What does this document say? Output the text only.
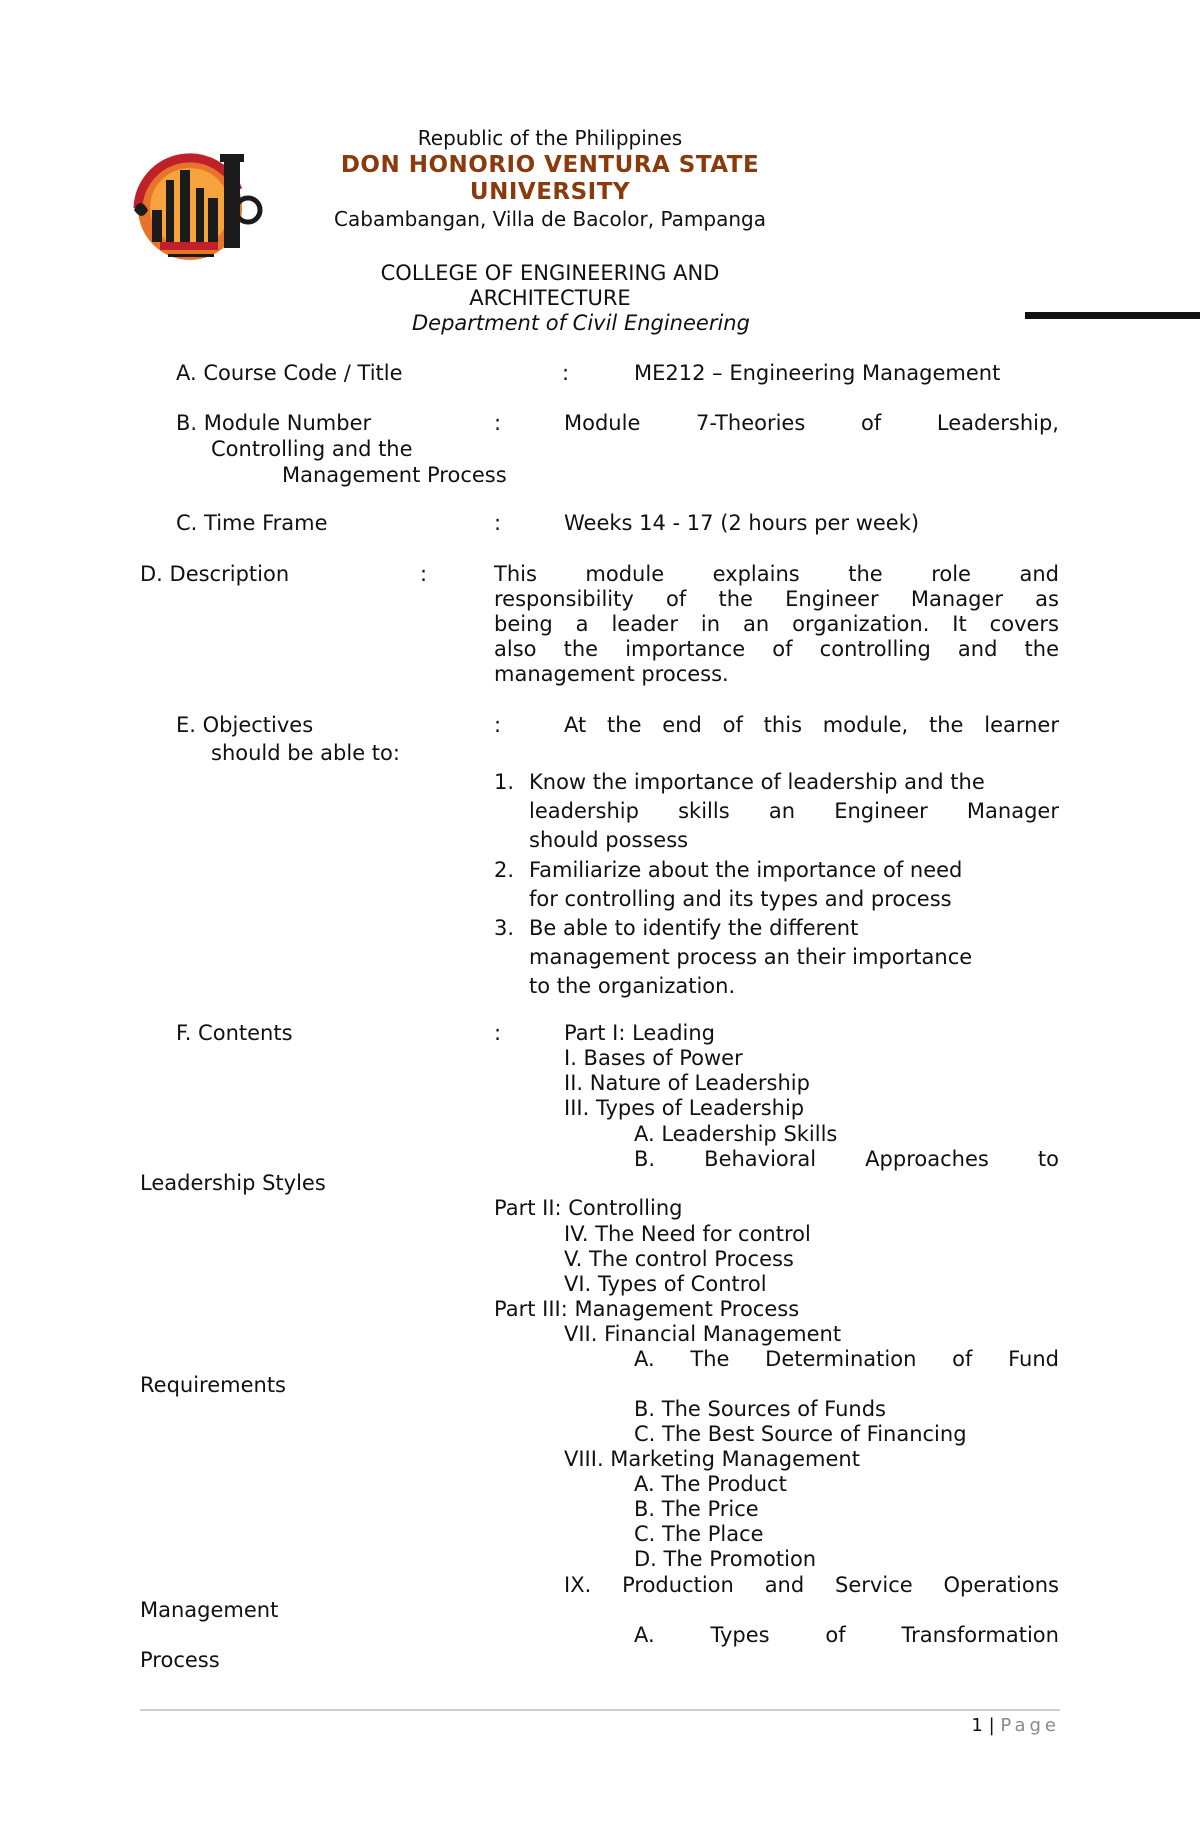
Republic of the Philippines
DON HONORIO VENTURA STATE
UNIVERSITY
Cabambangan, Villa de Bacolor, Pampanga
COLLEGE OF ENGINEERING AND
ARCHITECTURE
Department of Civil Engineering
A. Course Code / Title	:	ME212 – Engineering Management
B. Module Number	:	Module	7-Theories	of	Leadership,
Controlling and the
Management Process
C. Time Frame	:	Weeks 14 - 17 (2 hours per week)
D. Description	:	This module explains the role and
responsibility of the Engineer Manager as
being a leader in an organization. It covers
also the importance of controlling and the
management process.
E. Objectives	:	At the end of this module, the learner
should be able to:
1. Know the importance of leadership and the
leadership skills an Engineer Manager
should possess
2. Familiarize about the importance of need
for controlling and its types and process
3. Be able to identify the different
management process an their importance
to the organization.
F. Contents	:	Part I: Leading
I. Bases of Power
II. Nature of Leadership
III. Types of Leadership
A. Leadership Skills
B. Behavioral Approaches to
Leadership Styles
Part II: Controlling
IV. The Need for control
V. The control Process
VI. Types of Control
Part III: Management Process
VII. Financial Management
A. The Determination of Fund
Requirements
B. The Sources of Funds
C. The Best Source of Financing
VIII. Marketing Management
A. The Product
B. The Price
C. The Place
D. The Promotion
IX. Production and Service Operations
Management
A.	Types	of	Transformation
Process
1 | Page
